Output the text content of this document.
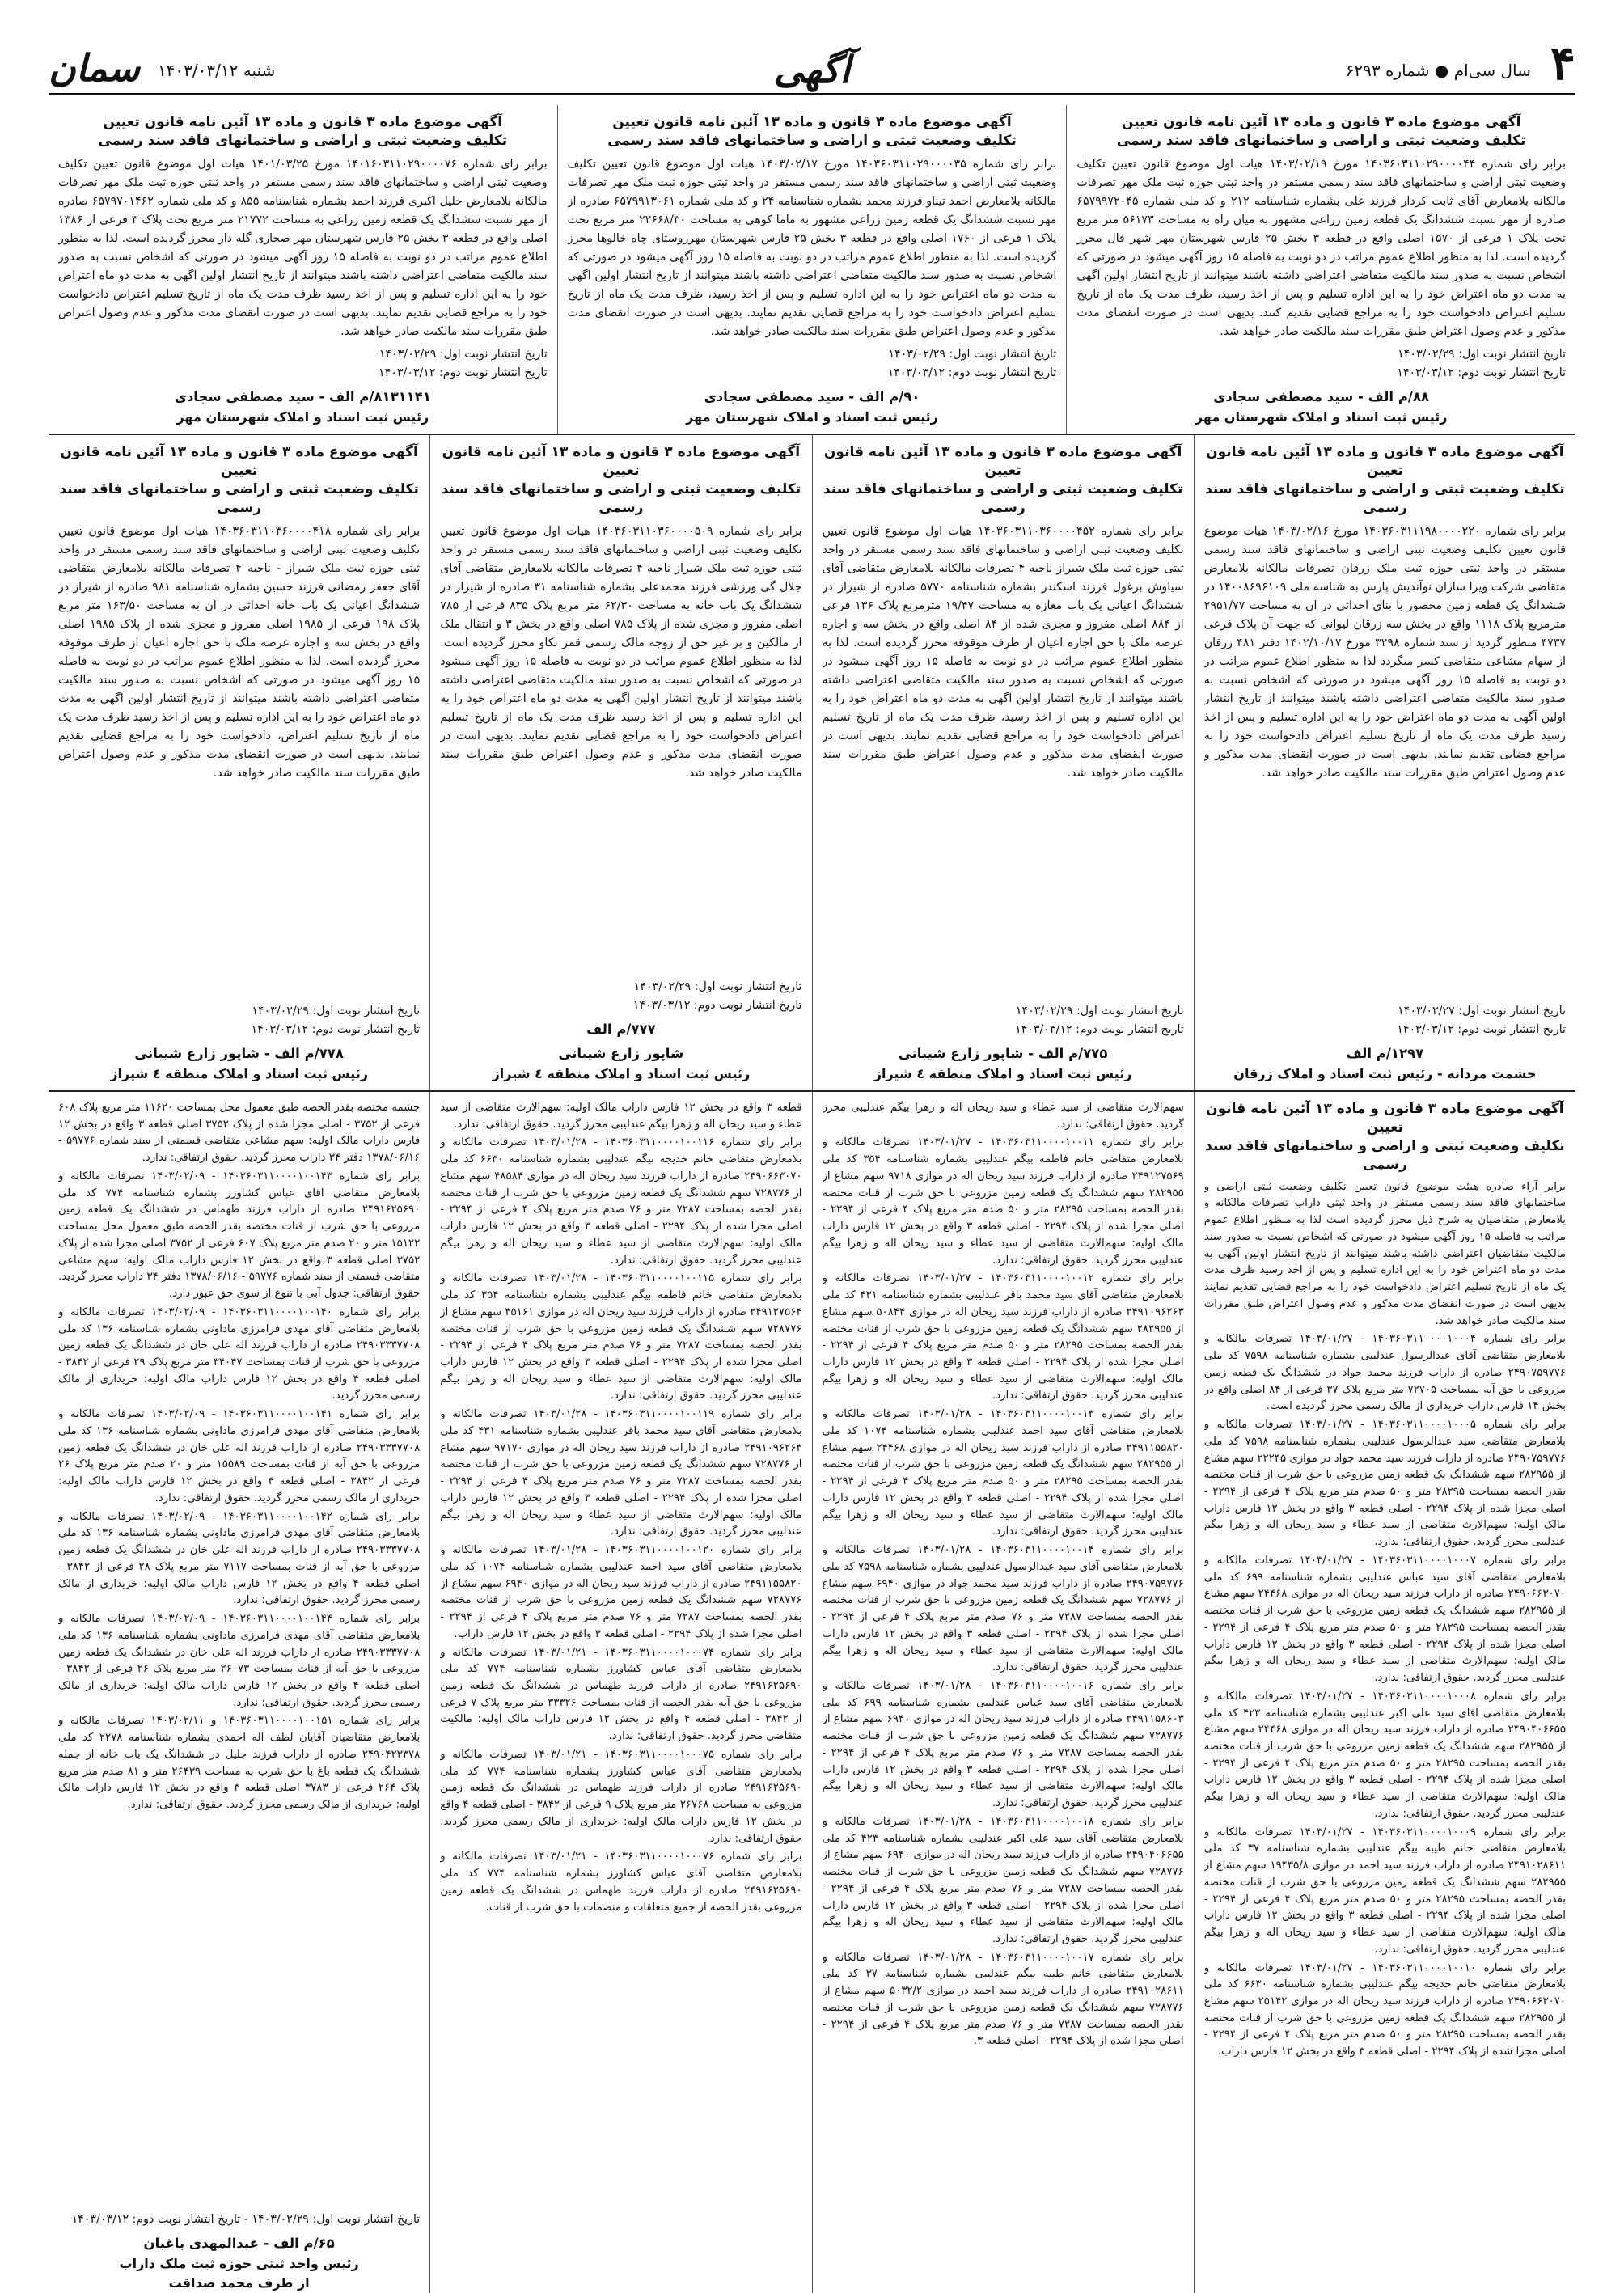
۴
سال سی‌ام ● شماره ۶۲۹۳
آگهی
شنبه ۱۴۰۳/۰۳/۱۲
سمان
آگهی موضوع ماده ۳ قانون و ماده ۱۳ آئین نامه قانون تعیین
تکلیف وضعیت ثبتی و اراضی و ساختمانهای فاقد سند رسمی
برابر رای شماره ۱۴۰۳۶۰۳۱۱۰۲۹۰۰۰۰۴۴ مورخ ۱۴۰۳/۰۲/۱۹ هیات اول موضوع قانون تعیین تکلیف وضعیت ثبتی اراضی و ساختمانهای فاقد سند رسمی مستقر در واحد ثبتی حوزه ثبت ملک مهر تصرفات مالکانه بلامعارض آقای ثابت کردار فرزند علی بشماره شناسنامه ۲۱۲ و کد ملی شماره ۶۵۷۹۹۷۲۰۴۵ صادره از مهر نسبت ششدانگ یک قطعه زمین زراعی مشهور به میان راه به مساحت ۵۶۱۷۳ متر مربع تحت پلاک ۱ فرعی از ۱۵۷۰ اصلی واقع در قطعه ۳ بخش ۲۵ فارس شهرستان مهر شهر فال محرز گردیده است. لذا به منظور اطلاع عموم مراتب در دو نوبت به فاصله ۱۵ روز آگهی میشود در صورتی که اشخاص نسبت به صدور سند مالکیت متقاضی اعتراضی داشته باشند میتوانند از تاریخ انتشار اولین آگهی به مدت دو ماه اعتراض خود را به این اداره تسلیم و پس از اخذ رسید، ظرف مدت یک ماه از تاریخ تسلیم اعتراض دادخواست خود را به مراجع قضایی تقدیم کنند. بدیهی است در صورت انقضای مدت مذکور و عدم وصول اعتراض طبق مقررات سند مالکیت صادر خواهد شد.
تاریخ انتشار نوبت اول: ۱۴۰۳/۰۲/۲۹
تاریخ انتشار نوبت دوم: ۱۴۰۳/۰۳/۱۲
۸۸/م الف - سید مصطفی سجادی
رئیس ثبت اسناد و املاک شهرستان مهر
آگهی موضوع ماده ۳ قانون و ماده ۱۳ آئین نامه قانون تعیین
تکلیف وضعیت ثبتی و اراضی و ساختمانهای فاقد سند رسمی
برابر رای شماره ۱۴۰۳۶۰۳۱۱۰۲۹۰۰۰۰۳۵ مورخ ۱۴۰۳/۰۲/۱۷ هیات اول موضوع قانون تعیین تکلیف وضعیت ثبتی اراضی و ساختمانهای فاقد سند رسمی مستقر در واحد ثبتی حوزه ثبت ملک مهر تصرفات مالکانه بلامعارض احمد تیناو فرزند محمد بشماره شناسنامه ۲۴ و کد ملی شماره ۶۵۷۹۹۱۳۰۶۱ صادره از مهر نسبت ششدانگ یک قطعه زمین زراعی مشهور به ماما کوهی به مساحت ۲۲۶۶۸/۳۰ متر مربع تحت پلاک ۱ فرعی از ۱۷۶۰ اصلی واقع در قطعه ۳ بخش ۲۵ فارس شهرستان مهرروستای چاه خالوها محرز گردیده است. لذا به منظور اطلاع عموم مراتب در دو نوبت به فاصله ۱۵ روز آگهی میشود در صورتی که اشخاص نسبت به صدور سند مالکیت متقاضی اعتراضی داشته باشند میتوانند از تاریخ انتشار اولین آگهی به مدت دو ماه اعتراض خود را به این اداره تسلیم و پس از اخذ رسید، ظرف مدت یک ماه از تاریخ تسلیم اعتراض دادخواست خود را به مراجع قضایی تقدیم نمایند. بدیهی است در صورت انقضای مدت مذکور و عدم وصول اعتراض طبق مقررات سند مالکیت صادر خواهد شد.
تاریخ انتشار نوبت اول: ۱۴۰۳/۰۲/۲۹
تاریخ انتشار نوبت دوم: ۱۴۰۳/۰۳/۱۲
۹۰/م الف - سید مصطفی سجادی
رئیس ثبت اسناد و املاک شهرستان مهر
آگهی موضوع ماده ۳ قانون و ماده ۱۳ آئین نامه قانون تعیین
تکلیف وضعیت ثبتی و اراضی و ساختمانهای فاقد سند رسمی
برابر رای شماره ۱۴۰۱۶۰۳۱۱۰۲۹۰۰۰۰۷۶ مورخ ۱۴۰۱/۰۳/۲۵ هیات اول موضوع قانون تعیین تکلیف وضعیت ثبتی اراضی و ساختمانهای فاقد سند رسمی مستقر در واحد ثبتی حوزه ثبت ملک مهر تصرفات مالکانه بلامعارض خلیل اکبری فرزند احمد بشماره شناسنامه ۸۵۵ و کد ملی شماره ۶۵۷۹۷۰۱۴۶۲ صادره از مهر نسبت ششدانگ یک قطعه زمین زراعی به مساحت ۲۱۷۷۲ متر مربع تحت پلاک ۳ فرعی از ۱۳۸۶ اصلی واقع در قطعه ۳ بخش ۲۵ فارس شهرستان مهر صحاری گله دار محرز گردیده است. لذا به منظور اطلاع عموم مراتب در دو نوبت به فاصله ۱۵ روز آگهی میشود در صورتی که اشخاص نسبت به صدور سند مالکیت متقاضی اعتراضی داشته باشند میتوانند از تاریخ انتشار اولین آگهی به مدت دو ماه اعتراض خود را به این اداره تسلیم و پس از اخذ رسید ظرف مدت یک ماه از تاریخ تسلیم اعتراض دادخواست خود را به مراجع قضایی تقدیم نمایند. بدیهی است در صورت انقضای مدت مذکور و عدم وصول اعتراض طبق مقررات سند مالکیت صادر خواهد شد.
تاریخ انتشار نوبت اول: ۱۴۰۳/۰۲/۲۹
تاریخ انتشار نوبت دوم: ۱۴۰۳/۰۳/۱۲
۸۱۳۱۱۴۱/م الف - سید مصطفی سجادی
رئیس ثبت اسناد و املاک شهرستان مهر
آگهی موضوع ماده ۳ قانون و ماده ۱۳ آئین نامه قانون تعیین
تکلیف وضعیت ثبتی و اراضی و ساختمانهای فاقد سند رسمی
برابر رای شماره ۱۴۰۳۶۰۳۱۱۱۹۸۰۰۰۰۲۲۰ مورخ ۱۴۰۳/۰۲/۱۶ هیات موضوع قانون تعیین تکلیف وضعیت ثبتی اراضی و ساختمانهای فاقد سند رسمی مستقر در واحد ثبتی حوزه ثبت ملک زرقان تصرفات مالکانه بلامعارض متقاضی شرکت ویرا سازان نوآندیش پارس به شناسه ملی ۱۴۰۰۸۶۹۶۱۰۹ در ششدانگ یک قطعه زمین محصور با بنای احداثی در آن به مساحت ۲۹۵۱/۷۷ مترمربع پلاک ۱۱۱۸ واقع در بخش سه زرقان لیوانی که جهت آن پلاک فرعی ۴۷۳۷ منظور گردید از سند شماره ۳۲۹۸ مورخ ۱۴۰۲/۱۰/۱۷ دفتر ۴۸۱ زرقان از سهام مشاعی متقاضی کسر میگردد لذا به منظور اطلاع عموم مراتب در دو نوبت به فاصله ۱۵ روز آگهی میشود در صورتی که اشخاص نسبت به صدور سند مالکیت متقاضی اعتراضی داشته باشند میتوانند از تاریخ انتشار اولین آگهی به مدت دو ماه اعتراض خود را به این اداره تسلیم و پس از اخذ رسید ظرف مدت یک ماه از تاریخ تسلیم اعتراض دادخواست خود را به مراجع قضایی تقدیم نمایند. بدیهی است در صورت انقضای مدت مذکور و عدم وصول اعتراض طبق مقررات سند مالکیت صادر خواهد شد.
تاریخ انتشار نوبت اول: ۱۴۰۳/۰۲/۲۷
تاریخ انتشار نوبت دوم: ۱۴۰۳/۰۳/۱۲
۱۲۹۷/م الف
حشمت مردانه - رئیس ثبت اسناد و املاک زرقان
آگهی موضوع ماده ۳ قانون و ماده ۱۳ آئین نامه قانون تعیین
تکلیف وضعیت ثبتی و اراضی و ساختمانهای فاقد سند رسمی
برابر رای شماره ۱۴۰۳۶۰۳۱۱۰۳۶۰۰۰۰۴۵۲ هیات اول موضوع قانون تعیین تکلیف وضعیت ثبتی اراضی و ساختمانهای فاقد سند رسمی مستقر در واحد ثبتی حوزه ثبت ملک شیراز ناحیه ۴ تصرفات مالکانه بلامعارض متقاضی آقای سیاوش برغول فرزند اسکندر بشماره شناسنامه ۵۷۷۰ صادره از شیراز در ششدانگ اعیانی یک باب مغازه به مساحت ۱۹/۴۷ مترمربع پلاک ۱۳۶ فرعی از ۸۸۴ اصلی مفروز و مجزی شده از ۸۴ اصلی واقع در بخش سه و اجاره عرصه ملک با حق اجاره اعیان از طرف موقوفه محرز گردیده است. لذا به منظور اطلاع عموم مراتب در دو نوبت به فاصله ۱۵ روز آگهی میشود در صورتی که اشخاص نسبت به صدور سند مالکیت متقاضی اعتراضی داشته باشند میتوانند از تاریخ انتشار اولین آگهی به مدت دو ماه اعتراض خود را به این اداره تسلیم و پس از اخذ رسید، ظرف مدت یک ماه از تاریخ تسلیم اعتراض دادخواست خود را به مراجع قضایی تقدیم نمایند. بدیهی است در صورت انقضای مدت مذکور و عدم وصول اعتراض طبق مقررات سند مالکیت صادر خواهد شد.
تاریخ انتشار نوبت اول: ۱۴۰۳/۰۲/۲۹
تاریخ انتشار نوبت دوم: ۱۴۰۳/۰۳/۱۲
۷۷۵/م الف - شاپور زارع شیبانی
رئیس ثبت اسناد و املاک منطقه ٤ شیراز
آگهی موضوع ماده ۳ قانون و ماده ۱۳ آئین نامه قانون تعیین
تکلیف وضعیت ثبتی و اراضی و ساختمانهای فاقد سند رسمی
برابر رای شماره ۱۴۰۳۶۰۳۱۱۰۳۶۰۰۰۰۵۰۹ هیات اول موضوع قانون تعیین تکلیف وضعیت ثبتی اراضی و ساختمانهای فاقد سند رسمی مستقر در واحد ثبتی حوزه ثبت ملک شیراز ناحیه ۴ تصرفات مالکانه بلامعارض متقاضی آقای جلال گی ورزشی فرزند محمدعلی بشماره شناسنامه ۳۱ صادره از شیراز در ششدانگ یک باب خانه به مساحت ۶۲/۳۰ متر مربع پلاک ۸۳۵ فرعی از ۷۸۵ اصلی مفروز و مجزی شده از پلاک ۷۸۵ اصلی واقع در بخش ۳ و انتقال ملک از مالکین و بر غیر حق از زوجه مالک رسمی قمر نکاو محرز گردیده است. لذا به منظور اطلاع عموم مراتب در دو نوبت به فاصله ۱۵ روز آگهی میشود در صورتی که اشخاص نسبت به صدور سند مالکیت متقاضی اعتراضی داشته باشند میتوانند از تاریخ انتشار اولین آگهی به مدت دو ماه اعتراض خود را به این اداره تسلیم و پس از اخذ رسید ظرف مدت یک ماه از تاریخ تسلیم اعتراض دادخواست خود را به مراجع قضایی تقدیم نمایند. بدیهی است در صورت انقضای مدت مذکور و عدم وصول اعتراض طبق مقررات سند مالکیت صادر خواهد شد.
تاریخ انتشار نوبت اول: ۱۴۰۳/۰۲/۲۹
تاریخ انتشار نوبت دوم: ۱۴۰۳/۰۳/۱۲
۷۷۷/م الف
شاپور زارع شیبانی
رئیس ثبت اسناد و املاک منطقه ٤ شیراز
آگهی موضوع ماده ۳ قانون و ماده ۱۳ آئین نامه قانون تعیین
تکلیف وضعیت ثبتی و اراضی و ساختمانهای فاقد سند رسمی
برابر رای شماره ۱۴۰۳۶۰۳۱۱۰۳۶۰۰۰۰۴۱۸ هیات اول موضوع قانون تعیین تکلیف وضعیت ثبتی اراضی و ساختمانهای فاقد سند رسمی مستقر در واحد ثبتی حوزه ثبت ملک شیراز - ناحیه ۴ تصرفات مالکانه بلامعارض متقاضی آقای جعفر رمضانی فرزند حسین بشماره شناسنامه ۹۸۱ صادره از شیراز در ششدانگ اعیانی یک باب خانه احداثی در آن به مساحت ۱۶۳/۵۰ متر مربع پلاک ۱۹۸ فرعی از ۱۹۸۵ اصلی مفروز و مجزی شده از پلاک ۱۹۸۵ اصلی واقع در بخش سه و اجاره عرصه ملک با حق اجاره اعیان از طرف موقوفه محرز گردیده است. لذا به منظور اطلاع عموم مراتب در دو نوبت به فاصله ۱۵ روز آگهی میشود در صورتی که اشخاص نسبت به صدور سند مالکیت متقاضی اعتراضی داشته باشند میتوانند از تاریخ انتشار اولین آگهی به مدت دو ماه اعتراض خود را به این اداره تسلیم و پس از اخذ رسید ظرف مدت یک ماه از تاریخ تسلیم اعتراض، دادخواست خود را به مراجع قضایی تقدیم نمایند. بدیهی است در صورت انقضای مدت مذکور و عدم وصول اعتراض طبق مقررات سند مالکیت صادر خواهد شد.
تاریخ انتشار نوبت اول: ۱۴۰۳/۰۲/۲۹
تاریخ انتشار نوبت دوم: ۱۴۰۳/۰۳/۱۲
۷۷۸/م الف - شاپور زارع شیبانی
رئیس ثبت اسناد و املاک منطقه ٤ شیراز
آگهی موضوع ماده ۳ قانون و ماده ۱۳ آئین نامه قانون تعیین
تکلیف وضعیت ثبتی و اراضی و ساختمانهای فاقد سند رسمی

برابر آراء صادره هیئت موضوع قانون تعیین تکلیف وضعیت ثبتی اراضی و ساختمانهای فاقد سند رسمی مستقر در واحد ثبتی داراب تصرفات مالکانه و بلامعارض متقاضیان به شرح ذیل محرز گردیده است لذا به منظور اطلاع عموم مراتب به فاصله ۱۵ روز آگهی میشود در صورتی که اشخاص نسبت به صدور سند مالکیت متقاضیان اعتراضی داشته باشند میتوانند از تاریخ انتشار اولین آگهی به مدت دو ماه اعتراض خود را به این اداره تسلیم و پس از اخذ رسید ظرف مدت یک ماه از تاریخ تسلیم اعتراض دادخواست خود را به مراجع قضایی تقدیم نمایند بدیهی است در صورت انقضای مدت مذکور و عدم وصول اعتراض طبق مقررات سند مالکیت صادر خواهد شد.

برابر رای شماره ۱۴۰۳۶۰۳۱۱۰۰۰۰۱۰۰۰۴ - ۱۴۰۳/۰۱/۲۷ تصرفات مالکانه و بلامعارض متقاضی آقای عبدالرسول عندلیبی بشماره شناسنامه ۷۵۹۸ کد ملی ۲۴۹۰۷۵۹۷۷۶ صادره از داراب فرزند محمد جواد در ششدانگ یک قطعه زمین مزروعی با حق آبه بمساحت ۷۲۷۰۵ متر مربع پلاک ۳۷ فرعی از ۸۴ اصلی واقع در بخش ۱۴ فارس داراب خریداری از مالک رسمی محرز گردیده است.

برابر رای شماره ۱۴۰۳۶۰۳۱۱۰۰۰۰۱۰۰۰۵ - ۱۴۰۳/۰۱/۲۷ تصرفات مالکانه و بلامعارض متقاضی سید عبدالرسول عندلیبی بشماره شناسنامه ۷۵۹۸ کد ملی ۲۴۹۰۷۵۹۷۷۶ صادره از داراب فرزند سید محمد جواد در موازی ۲۲۲۴۵ سهم مشاع از ۲۸۲۹۵۵ سهم ششدانگ یک قطعه زمین مزروعی با حق شرب از قنات مختصه بقدر الحصه بمساحت ۲۸۲۹۵ متر و ۵۰ صدم متر مربع پلاک ۴ فرعی از ۲۲۹۴ - اصلی مجزا شده از پلاک ۲۲۹۴ - اصلی قطعه ۳ واقع در بخش ۱۲ فارس داراب مالک اولیه: سهم‌الارث متقاضی از سید عطاء و سید ریحان اله و زهرا بیگم عندلیبی محرز گردید. حقوق ارتفاقی: ندارد.

برابر رای شماره ۱۴۰۳۶۰۳۱۱۰۰۰۰۱۰۰۰۷ - ۱۴۰۳/۰۱/۲۷ تصرفات مالکانه و بلامعارض متقاضی آقای سید عباس عندلیبی بشماره شناسنامه ۶۹۹ کد ملی ۲۴۹۰۶۶۳۰۷۰ صادره از داراب فرزند سید ریحان اله در موازی ۲۴۴۶۸ سهم مشاع از ۲۸۲۹۵۵ سهم ششدانگ یک قطعه زمین مزروعی با حق شرب از قنات مختصه بقدر الحصه بمساحت ۲۸۲۹۵ متر و ۵۰ صدم متر مربع پلاک ۴ فرعی از ۲۲۹۴ - اصلی مجزا شده از پلاک ۲۲۹۴ - اصلی قطعه ۳ واقع در بخش ۱۲ فارس داراب مالک اولیه: سهم‌الارث متقاضی از سید عطاء و سید ریحان اله و زهرا بیگم عندلیبی محرز گردید. حقوق ارتفاقی: ندارد.

برابر رای شماره ۱۴۰۳۶۰۳۱۱۰۰۰۰۱۰۰۰۸ - ۱۴۰۳/۰۱/۲۷ تصرفات مالکانه و بلامعارض متقاضی آقای سید علی اکبر عندلیبی بشماره شناسنامه ۴۲۳ کد ملی ۲۴۹۰۴۰۶۶۵۵ صادره از داراب فرزند سید ریحان اله در موازی ۲۴۴۶۸ سهم مشاع از ۲۸۲۹۵۵ سهم ششدانگ یک قطعه زمین مزروعی با حق شرب از قنات مختصه بقدر الحصه بمساحت ۲۸۲۹۵ متر و ۵۰ صدم متر مربع پلاک ۴ فرعی از ۲۲۹۴ - اصلی مجزا شده از پلاک ۲۲۹۴ - اصلی قطعه ۳ واقع در بخش ۱۲ فارس داراب مالک اولیه: سهم‌الارث متقاضی از سید عطاء و سید ریحان اله و زهرا بیگم عندلیبی محرز گردید. حقوق ارتفاقی: ندارد.

برابر رای شماره ۱۴۰۳۶۰۳۱۱۰۰۰۰۱۰۰۰۹ - ۱۴۰۳/۰۱/۲۷ تصرفات مالکانه و بلامعارض متقاضی خانم طیبه بیگم عندلیبی بشماره شناسنامه ۳۷ کد ملی ۲۴۹۱۰۲۸۶۱۱ صادره از داراب فرزند سید احمد در موازی ۱۹۴۳۵/۸ سهم مشاع از ۲۸۲۹۵۵ سهم ششدانگ یک قطعه زمین مزروعی با حق شرب از قنات مختصه بقدر الحصه بمساحت ۲۸۲۹۵ متر و ۵۰ صدم متر مربع پلاک ۴ فرعی از ۲۲۹۴ - اصلی مجزا شده از پلاک ۲۲۹۴ - اصلی قطعه ۳ واقع در بخش ۱۲ فارس داراب مالک اولیه: سهم‌الارث متقاضی از سید عطاء و سید ریحان اله و زهرا بیگم عندلیبی محرز گردید. حقوق ارتفاقی: ندارد.

برابر رای شماره ۱۴۰۳۶۰۳۱۱۰۰۰۰۱۰۰۱۰ - ۱۴۰۳/۰۱/۲۷ تصرفات مالکانه و بلامعارض متقاضی خانم خدیجه بیگم عندلیبی بشماره شناسنامه ۶۶۳۰ کد ملی ۲۴۹۰۶۶۳۰۷۰ صادره از داراب فرزند سید ریحان اله در موازی ۲۵۱۴۲ سهم مشاع از ۲۸۲۹۵۵ سهم ششدانگ یک قطعه زمین مزروعی با حق شرب از قنات مختصه بقدر الحصه بمساحت ۲۸۲۹۵ متر و ۵۰ صدم متر مربع پلاک ۴ فرعی از ۲۲۹۴ - اصلی مجزا شده از پلاک ۲۲۹۴ - اصلی قطعه ۳ واقع در بخش ۱۲ فارس داراب.

سهم‌الارث متقاضی از سید عطاء و سید ریحان اله و زهرا بیگم عندلیبی محرز گردید. حقوق ارتفاقی: ندارد.

برابر رای شماره ۱۴۰۳۶۰۳۱۱۰۰۰۰۱۰۰۱۱ - ۱۴۰۳/۰۱/۲۷ تصرفات مالکانه و بلامعارض متقاضی خانم فاطمه بیگم عندلیبی بشماره شناسنامه ۳۵۴ کد ملی ۲۴۹۱۲۷۵۶۹ صادره از داراب فرزند سید ریحان اله در موازی ۹۷۱۸ سهم مشاع از ۲۸۲۹۵۵ سهم ششدانگ یک قطعه زمین مزروعی با حق شرب از قنات مختصه بقدر الحصه بمساحت ۲۸۲۹۵ متر و ۵۰ صدم متر مربع پلاک ۴ فرعی از ۲۲۹۴ - اصلی مجزا شده از پلاک ۲۲۹۴ - اصلی قطعه ۳ واقع در بخش ۱۲ فارس داراب مالک اولیه: سهم‌الارث متقاضی از سید عطاء و سید ریحان اله و زهرا بیگم عندلیبی محرز گردید. حقوق ارتفاقی: ندارد.

برابر رای شماره ۱۴۰۳۶۰۳۱۱۰۰۰۰۱۰۰۱۲ - ۱۴۰۳/۰۱/۲۷ تصرفات مالکانه و بلامعارض متقاضی آقای سید محمد باقر عندلیبی بشماره شناسنامه ۴۳۱ کد ملی ۲۴۹۱۰۹۶۲۶۳ صادره از داراب فرزند سید ریحان اله در موازی ۵۰۸۴۴ سهم مشاع از ۲۸۲۹۵۵ سهم ششدانگ یک قطعه زمین مزروعی با حق شرب از قنات مختصه بقدر الحصه بمساحت ۲۸۲۹۵ متر و ۵۰ صدم متر مربع پلاک ۴ فرعی از ۲۲۹۴ - اصلی مجزا شده از پلاک ۲۲۹۴ - اصلی قطعه ۳ واقع در بخش ۱۲ فارس داراب مالک اولیه: سهم‌الارث متقاضی از سید عطاء و سید ریحان اله و زهرا بیگم عندلیبی محرز گردید. حقوق ارتفاقی: ندارد.

برابر رای شماره ۱۴۰۳۶۰۳۱۱۰۰۰۰۱۰۰۱۳ - ۱۴۰۳/۰۱/۲۸ تصرفات مالکانه و بلامعارض متقاضی آقای سید احمد عندلیبی بشماره شناسنامه ۱۰۷۴ کد ملی ۲۴۹۱۱۵۵۸۲۰ صادره از داراب فرزند سید ریحان اله در موازی ۲۴۴۶۸ سهم مشاع از ۲۸۲۹۵۵ سهم ششدانگ یک قطعه زمین مزروعی با حق شرب از قنات مختصه بقدر الحصه بمساحت ۲۸۲۹۵ متر و ۵۰ صدم متر مربع پلاک ۴ فرعی از ۲۲۹۴ - اصلی مجزا شده از پلاک ۲۲۹۴ - اصلی قطعه ۳ واقع در بخش ۱۲ فارس داراب مالک اولیه: سهم‌الارث متقاضی از سید عطاء و سید ریحان اله و زهرا بیگم عندلیبی محرز گردید. حقوق ارتفاقی: ندارد.

برابر رای شماره ۱۴۰۳۶۰۳۱۱۰۰۰۰۱۰۰۱۴ - ۱۴۰۳/۰۱/۲۸ تصرفات مالکانه و بلامعارض متقاضی آقای سید عبدالرسول عندلیبی بشماره شناسنامه ۷۵۹۸ کد ملی ۲۴۹۰۷۵۹۷۷۶ صادره از داراب فرزند سید محمد جواد در موازی ۶۹۴۰ سهم مشاع از ۷۲۸۷۷۶ سهم ششدانگ یک قطعه زمین مزروعی با حق شرب از قنات مختصه بقدر الحصه بمساحت ۷۲۸۷ متر و ۷۶ صدم متر مربع پلاک ۴ فرعی از ۲۲۹۴ - اصلی مجزا شده از پلاک ۲۲۹۴ - اصلی قطعه ۳ واقع در بخش ۱۲ فارس داراب مالک اولیه: سهم‌الارث متقاضی از سید عطاء و سید ریحان اله و زهرا بیگم عندلیبی محرز گردید. حقوق ارتفاقی: ندارد.

برابر رای شماره ۱۴۰۳۶۰۳۱۱۰۰۰۰۱۰۰۱۶ - ۱۴۰۳/۰۱/۲۸ تصرفات مالکانه و بلامعارض متقاضی آقای سید عباس عندلیبی بشماره شناسنامه ۶۹۹ کد ملی ۲۴۹۱۱۵۸۶۰۳ صادره از داراب فرزند سید ریحان اله در موازی ۶۹۴۰ سهم مشاع از ۷۲۸۷۷۶ سهم ششدانگ یک قطعه زمین مزروعی با حق شرب از قنات مختصه بقدر الحصه بمساحت ۷۲۸۷ متر و ۷۶ صدم متر مربع پلاک ۴ فرعی از ۲۲۹۴ - اصلی مجزا شده از پلاک ۲۲۹۴ - اصلی قطعه ۳ واقع در بخش ۱۲ فارس داراب مالک اولیه: سهم‌الارث متقاضی از سید عطاء و سید ریحان اله و زهرا بیگم عندلیبی محرز گردید. حقوق ارتفاقی: ندارد.

برابر رای شماره ۱۴۰۳۶۰۳۱۱۰۰۰۰۱۰۰۱۸ - ۱۴۰۳/۰۱/۲۸ تصرفات مالکانه و بلامعارض متقاضی آقای سید علی اکبر عندلیبی بشماره شناسنامه ۴۲۳ کد ملی ۲۴۹۰۴۰۶۶۵۵ صادره از داراب فرزند سید ریحان اله در موازی ۶۹۴۰ سهم مشاع از ۷۲۸۷۷۶ سهم ششدانگ یک قطعه زمین مزروعی با حق شرب از قنات مختصه بقدر الحصه بمساحت ۷۲۸۷ متر و ۷۶ صدم متر مربع پلاک ۴ فرعی از ۲۲۹۴ - اصلی مجزا شده از پلاک ۲۲۹۴ - اصلی قطعه ۳ واقع در بخش ۱۲ فارس داراب مالک اولیه: سهم‌الارث متقاضی از سید عطاء و سید ریحان اله و زهرا بیگم عندلیبی محرز گردید. حقوق ارتفاقی: ندارد.

برابر رای شماره ۱۴۰۳۶۰۳۱۱۰۰۰۰۱۰۰۱۷ - ۱۴۰۳/۰۱/۲۸ تصرفات مالکانه و بلامعارض متقاضی خانم طیبه بیگم عندلیبی بشماره شناسنامه ۳۷ کد ملی ۲۴۹۱۰۲۸۶۱۱ صادره از داراب فرزند سید احمد در موازی ۵۰۳۲/۲ سهم مشاع از ۷۲۸۷۷۶ سهم ششدانگ یک قطعه زمین مزروعی با حق شرب از قنات مختصه بقدر الحصه بمساحت ۷۲۸۷ متر و ۷۶ صدم متر مربع پلاک ۴ فرعی از ۲۲۹۴ - اصلی مجزا شده از پلاک ۲۲۹۴ - اصلی قطعه ۳.

قطعه ۳ واقع در بخش ۱۲ فارس داراب مالک اولیه: سهم‌الارث متقاضی از سید عطاء و سید ریحان اله و زهرا بیگم عندلیبی محرز گردید. حقوق ارتفاقی: ندارد.

برابر رای شماره ۱۴۰۳۶۰۳۱۱۰۰۰۰۱۰۰۱۱۶ - ۱۴۰۳/۰۱/۲۸ تصرفات مالکانه و بلامعارض متقاضی خانم خدیجه بیگم عندلیبی بشماره شناسنامه ۶۶۳۰ کد ملی ۲۴۹۰۶۶۳۰۷۰ صادره از داراب فرزند سید ریحان اله در موازی ۴۸۵۸۴ سهم مشاع از ۷۲۸۷۷۶ سهم ششدانگ یک قطعه زمین مزروعی با حق شرب از قنات مختصه بقدر الحصه بمساحت ۷۲۸۷ متر و ۷۶ صدم متر مربع پلاک ۴ فرعی از ۲۲۹۴ - اصلی مجزا شده از پلاک ۲۲۹۴ - اصلی قطعه ۳ واقع در بخش ۱۲ فارس داراب مالک اولیه: سهم‌الارث متقاضی از سید عطاء و سید ریحان اله و زهرا بیگم عندلیبی محرز گردید. حقوق ارتفاقی: ندارد.

برابر رای شماره ۱۴۰۳۶۰۳۱۱۰۰۰۰۱۰۰۱۱۵ - ۱۴۰۳/۰۱/۲۸ تصرفات مالکانه و بلامعارض متقاضی خانم فاطمه بیگم عندلیبی بشماره شناسنامه ۳۵۴ کد ملی ۲۴۹۱۲۷۵۶۴ صادره از داراب فرزند سید ریحان اله در موازی ۳۵۱۶۱ سهم مشاع از ۷۲۸۷۷۶ سهم ششدانگ یک قطعه زمین مزروعی با حق شرب از قنات مختصه بقدر الحصه بمساحت ۷۲۸۷ متر و ۷۶ صدم متر مربع پلاک ۴ فرعی از ۲۲۹۴ - اصلی مجزا شده از پلاک ۲۲۹۴ - اصلی قطعه ۳ واقع در بخش ۱۲ فارس داراب مالک اولیه: سهم‌الارث متقاضی از سید عطاء و سید ریحان اله و زهرا بیگم عندلیبی محرز گردید. حقوق ارتفاقی: ندارد.

برابر رای شماره ۱۴۰۳۶۰۳۱۱۰۰۰۰۱۰۰۱۱۹ - ۱۴۰۳/۰۱/۲۸ تصرفات مالکانه و بلامعارض متقاضی آقای سید محمد باقر عندلیبی بشماره شناسنامه ۴۳۱ کد ملی ۲۴۹۱۰۹۶۲۶۳ صادره از داراب فرزند سید ریحان اله در موازی ۹۷۱۷۰ سهم مشاع از ۷۲۸۷۷۶ سهم ششدانگ یک قطعه زمین مزروعی با حق شرب از قنات مختصه بقدر الحصه بمساحت ۷۲۸۷ متر و ۷۶ صدم متر مربع پلاک ۴ فرعی از ۲۲۹۴ - اصلی مجزا شده از پلاک ۲۲۹۴ - اصلی قطعه ۳ واقع در بخش ۱۲ فارس داراب مالک اولیه: سهم‌الارث متقاضی از سید عطاء و سید ریحان اله و زهرا بیگم عندلیبی محرز گردید. حقوق ارتفاقی: ندارد.

برابر رای شماره ۱۴۰۳۶۰۳۱۱۰۰۰۰۱۰۰۱۲۰ - ۱۴۰۳/۰۱/۲۸ تصرفات مالکانه و بلامعارض متقاضی آقای سید احمد عندلیبی بشماره شناسنامه ۱۰۷۴ کد ملی ۲۴۹۱۱۵۵۸۲۰ صادره از داراب فرزند سید ریحان اله در موازی ۶۹۴۰ سهم مشاع از ۷۲۸۷۷۶ سهم ششدانگ یک قطعه زمین مزروعی با حق شرب از قنات مختصه بقدر الحصه بمساحت ۷۲۸۷ متر و ۷۶ صدم متر مربع پلاک ۴ فرعی از ۲۲۹۴ - اصلی مجزا شده از پلاک ۲۲۹۴ - اصلی قطعه ۳ واقع در بخش ۱۲ فارس داراب.

برابر رای شماره ۱۴۰۳۶۰۳۱۱۰۰۰۰۱۰۰۰۷۴ - ۱۴۰۳/۰۱/۲۱ تصرفات مالکانه و بلامعارض متقاضی آقای عباس کشاورز بشماره شناسنامه ۷۷۴ کد ملی ۲۴۹۱۶۲۵۶۹۰ صادره از داراب فرزند طهماس در ششدانگ یک قطعه زمین مزروعی با حق آبه بقدر الحصه از قنات بمساحت ۳۳۳۲۶ متر مربع پلاک ۷ فرعی از ۳۸۴۲ - اصلی قطعه ۴ واقع در بخش ۱۲ فارس داراب مالک اولیه: مالکیت متقاضی محرز گردید. حقوق ارتفاقی: ندارد.

برابر رای شماره ۱۴۰۳۶۰۳۱۱۰۰۰۰۱۰۰۰۷۵ - ۱۴۰۳/۰۱/۲۱ تصرفات مالکانه و بلامعارض متقاضی آقای عباس کشاورز بشماره شناسنامه ۷۷۴ کد ملی ۲۴۹۱۶۲۵۶۹۰ صادره از داراب فرزند طهماس در ششدانگ یک قطعه زمین مزروعی به مساحت ۲۶۷۶۸ متر مربع پلاک ۹ فرعی از ۳۸۴۲ - اصلی قطعه ۴ واقع در بخش ۱۲ فارس داراب مالک اولیه: خریداری از مالک رسمی محرز گردید. حقوق ارتفاقی: ندارد.

برابر رای شماره ۱۴۰۳۶۰۳۱۱۰۰۰۰۱۰۰۰۷۶ - ۱۴۰۳/۰۱/۲۱ تصرفات مالکانه و بلامعارض متقاضی آقای عباس کشاورز بشماره شناسنامه ۷۷۴ کد ملی ۲۴۹۱۶۲۵۶۹۰ صادره از داراب فرزند طهماس در ششدانگ یک قطعه زمین مزروعی بقدر الحصه از جمیع متعلقات و منضمات با حق شرب از قنات.

جشمه مختصه بقدر الحصه طبق معمول محل بمساحت ۱۱۶۲۰ متر مربع پلاک ۶۰۸ فرعی از ۳۷۵۲ - اصلی مجزا شده از پلاک ۳۷۵۲ اصلی قطعه ۳ واقع در بخش ۱۲ فارس داراب مالک اولیه: سهم مشاعی متقاضی قسمتی از سند شماره ۵۹۷۷۶ - ۱۳۷۸/۰۶/۱۶ دفتر ۳۴ داراب محرز گردید. حقوق ارتفاقی: ندارد.

برابر رای شماره ۱۴۰۳۶۰۳۱۱۰۰۰۰۱۰۰۱۴۳ - ۱۴۰۳/۰۲/۰۹ تصرفات مالکانه و بلامعارض متقاضی آقای عباس کشاورز بشماره شناسنامه ۷۷۴ کد ملی ۲۴۹۱۶۲۵۶۹۰ صادره از داراب فرزند طهماس در ششدانگ یک قطعه زمین مزروعی با حق شرب از قنات مختصه بقدر الحصه طبق معمول محل بمساحت ۱۵۱۲۲ متر و ۲۰ صدم متر مربع پلاک ۶۰۷ فرعی از ۳۷۵۲ اصلی مجزا شده از پلاک ۳۷۵۲ اصلی قطعه ۳ واقع در بخش ۱۲ فارس داراب مالک اولیه: سهم مشاعی متقاضی قسمتی از سند شماره ۵۹۷۷۶ - ۱۳۷۸/۰۶/۱۶ دفتر ۳۴ داراب محرز گردید. حقوق ارتفاقی: جدول آبی با تنوع از سوی حق عبور دارد.

برابر رای شماره ۱۴۰۳۶۰۳۱۱۰۰۰۰۱۰۰۱۴۰ - ۱۴۰۳/۰۲/۰۹ تصرفات مالکانه و بلامعارض متقاضی آقای مهدی فرامرزی ماداونی بشماره شناسنامه ۱۳۶ کد ملی ۲۴۹۰۳۳۳۷۷۰۸ صادره از داراب فرزند اله علی خان در ششدانگ یک قطعه زمین مزروعی با حق شرب از قنات بمساحت ۳۴۰۴۷ متر مربع پلاک ۲۹ فرعی از ۳۸۴۲ - اصلی قطعه ۴ واقع در بخش ۱۲ فارس داراب مالک اولیه: خریداری از مالک رسمی محرز گردید.

برابر رای شماره ۱۴۰۳۶۰۳۱۱۰۰۰۰۱۰۰۱۴۱ - ۱۴۰۳/۰۲/۰۹ تصرفات مالکانه و بلامعارض متقاضی آقای مهدی فرامرزی ماداونی بشماره شناسنامه ۱۳۶ کد ملی ۲۴۹۰۳۳۳۷۷۰۸ صادره از داراب فرزند اله علی خان در ششدانگ یک قطعه زمین مزروعی با حق آبه از قنات بمساحت ۱۵۵۸۹ متر و ۲۰ صدم متر مربع پلاک ۲۶ فرعی از ۳۸۴۲ - اصلی قطعه ۴ واقع در بخش ۱۲ فارس داراب مالک اولیه: خریداری از مالک رسمی محرز گردید. حقوق ارتفاقی: ندارد.

برابر رای شماره ۱۴۰۳۶۰۳۱۱۰۰۰۰۱۰۰۱۴۲ - ۱۴۰۳/۰۲/۰۹ تصرفات مالکانه و بلامعارض متقاضی آقای مهدی فرامرزی ماداونی بشماره شناسنامه ۱۳۶ کد ملی ۲۴۹۰۳۳۳۷۷۰۸ صادره از داراب فرزند اله علی خان در ششدانگ یک قطعه زمین مزروعی با حق آبه از قنات بمساحت ۷۱۱۷ متر مربع پلاک ۲۸ فرعی از ۳۸۴۲ - اصلی قطعه ۴ واقع در بخش ۱۲ فارس داراب مالک اولیه: خریداری از مالک رسمی محرز گردید. حقوق ارتفاقی: ندارد.

برابر رای شماره ۱۴۰۳۶۰۳۱۱۰۰۰۰۱۰۰۱۴۴ - ۱۴۰۳/۰۲/۰۹ تصرفات مالکانه و بلامعارض متقاضی آقای مهدی فرامرزی ماداونی بشماره شناسنامه ۱۳۶ کد ملی ۲۴۹۰۳۳۳۷۷۰۸ صادره از داراب فرزند اله علی خان در ششدانگ یک قطعه زمین مزروعی با حق آبه از قنات بمساحت ۲۶۰۷۳ متر مربع پلاک ۲۶ فرعی از ۳۸۴۲ - اصلی قطعه ۴ واقع در بخش ۱۲ فارس داراب مالک اولیه: خریداری از مالک رسمی محرز گردید. حقوق ارتفاقی: ندارد.

برابر رای شماره ۱۴۰۳۶۰۳۱۱۰۰۰۰۱۰۰۱۵۱ و ۱۴۰۳/۰۲/۱۱ تصرفات مالکانه و بلامعارض متقاضیان آقایان لطف اله احمدی بشماره شناسنامه ۲۲۷۸ کد ملی ۲۴۹۰۴۲۳۳۷۸ صادره از داراب فرزند جلیل در ششدانگ یک باب خانه از جمله ششدانگ یک قطعه باغ با حق شرب به مساحت ۲۶۴۳۹ متر و ۸۱ صدم متر مربع پلاک ۲۶۴ فرعی از ۳۷۸۳ اصلی قطعه ۳ واقع در بخش ۱۲ فارس داراب مالک اولیه: خریداری از مالک رسمی محرز گردید. حقوق ارتفاقی: ندارد.

تاریخ انتشار نوبت اول: ۱۴۰۳/۰۲/۲۹ - تاریخ انتشار نوبت دوم: ۱۴۰۳/۰۳/۱۲
۶۵/م الف - عبدالمهدی باغبان
رئیس واحد ثبتی حوزه ثبت ملک داراب
از طرف محمد صداقت
